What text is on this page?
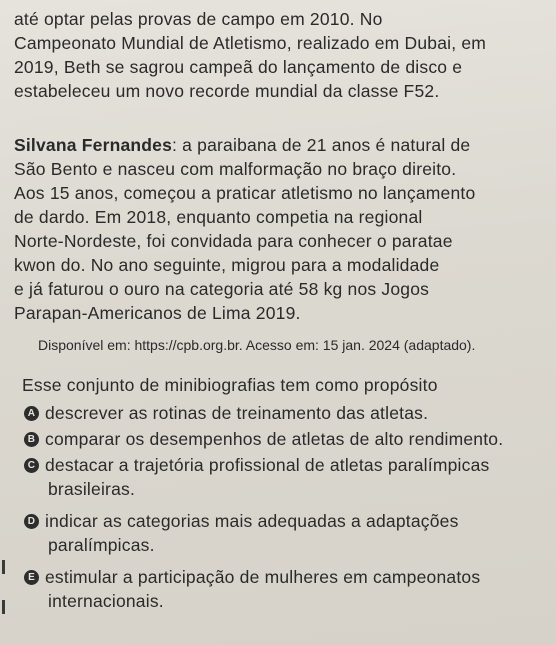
até optar pelas provas de campo em 2010. No
Campeonato Mundial de Atletismo, realizado em Dubai, em
2019, Beth se sagrou campeã do lançamento de disco e
estabeleceu um novo recorde mundial da classe F52.
Silvana Fernandes: a paraibana de 21 anos é natural de
São Bento e nasceu com malformação no braço direito.
Aos 15 anos, começou a praticar atletismo no lançamento
de dardo. Em 2018, enquanto competia na regional
Norte-Nordeste, foi convidada para conhecer o paratae
kwon do. No ano seguinte, migrou para a modalidade
e já faturou o ouro na categoria até 58 kg nos Jogos
Parapan-Americanos de Lima 2019.
Disponível em: https://cpb.org.br. Acesso em: 15 jan. 2024 (adaptado).
Esse conjunto de minibiografias tem como propósito
A descrever as rotinas de treinamento das atletas.
B comparar os desempenhos de atletas de alto rendimento.
C destacar a trajetória profissional de atletas paralímpicas
brasileiras.
D indicar as categorias mais adequadas a adaptações
paralímpicas.
E estimular a participação de mulheres em campeonatos
internacionais.
